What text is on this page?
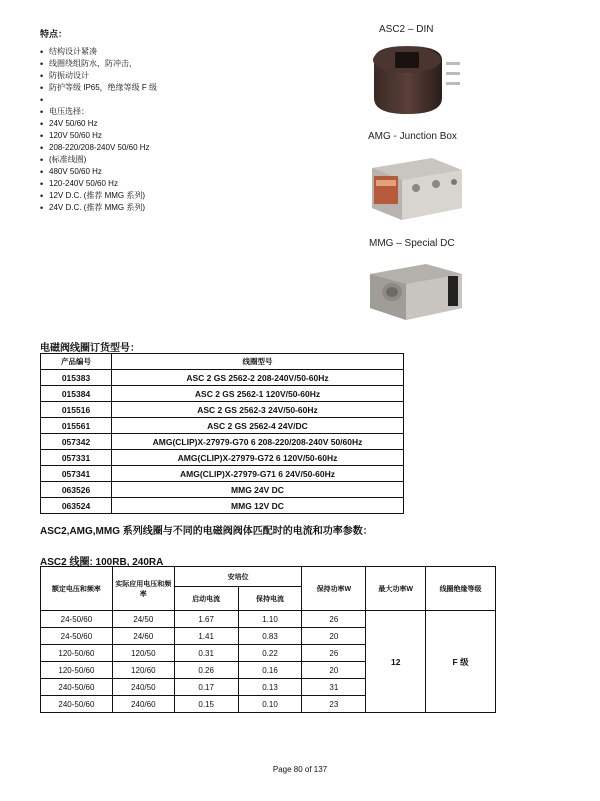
特点：
• 结构设计紧凑
• 线圈绕组防水，防冲击，
• 防振动设计
• 防护等级 IP65，绝缘等级 F 级
•
• 电压选择：
• 24V 50/60 Hz
• 120V 50/60 Hz
• 208-220/208-240V 50/60 Hz
• (标准线圈)
• 480V 50/60 Hz
• 120-240V 50/60 Hz
• 12V D.C. (推荐 MMG 系列)
• 24V D.C. (推荐 MMG 系列)
ASC2 – DIN
AMG - Junction Box
MMG – Special DC
电磁阀线圈订货型号：
产品编号	线圈型号
015383	ASC 2 GS 2562-2 208-240V/50-60Hz
015384	ASC 2 GS 2562-1 120V/50-60Hz
015516	ASC 2 GS 2562-3 24V/50-60Hz
015561	ASC 2 GS 2562-4 24V/DC
057342	AMG(CLIP)X-27979-G70 6 208-220/208-240V 50/60Hz
057331	AMG(CLIP)X-27979-G72 6 120V/50-60Hz
057341	AMG(CLIP)X-27979-G71 6 24V/50-60Hz
063526	MMG 24V DC
063524	MMG 12V DC
ASC2,AMG,MMG 系列线圈与不同的电磁阀阀体匹配时的电流和功率参数：
ASC2 线圈: 100RB, 240RA
额定电压和频率	实际应用电压和频率	安培位		保持功率W	最大功率W	线圈绝缘等级
		启动电流	保持电流			
24-50/60	24/50	1.67	1.10	26	12	F 级
24-50/60	24/60	1.41	0.83	20		
120-50/60	120/50	0.31	0.22	26		
120-50/60	120/60	0.26	0.16	20		
240-50/60	240/50	0.17	0.13	31		
240-50/60	240/60	0.15	0.10	23		
Page 80 of 137
